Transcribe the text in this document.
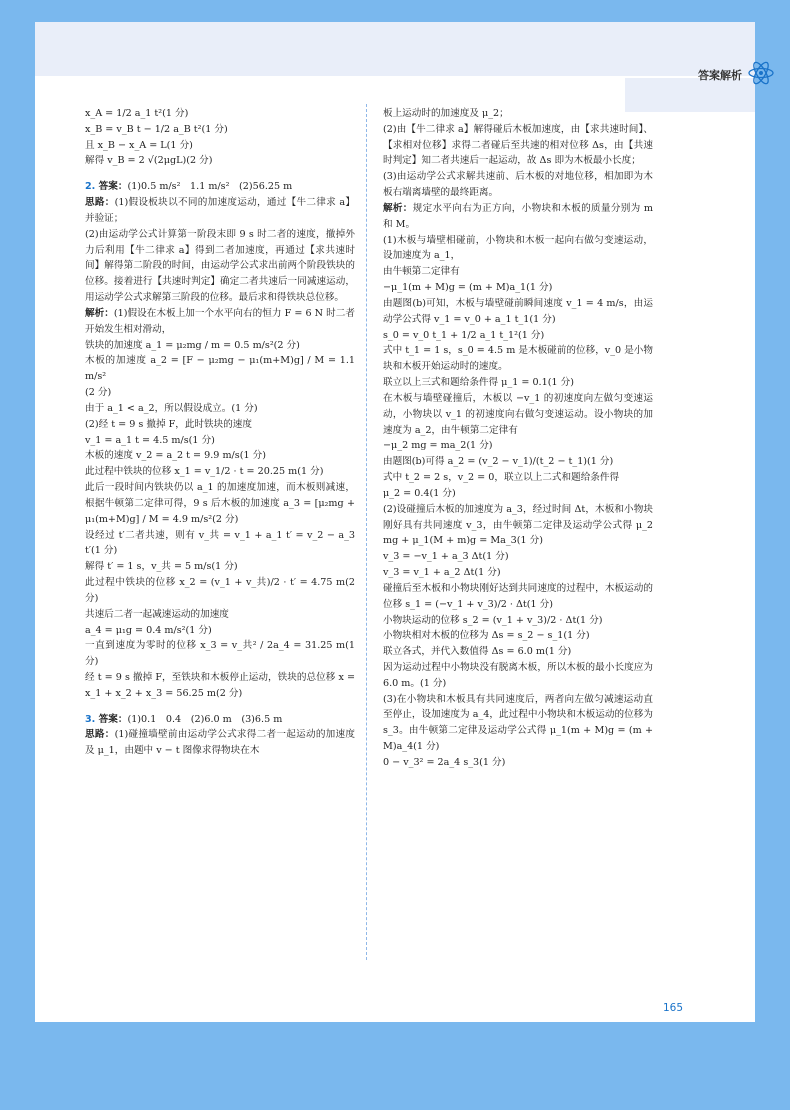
答案解析
x_A = 1/2 a_1 t²(1 分)
x_B = v_B t − 1/2 a_B t²(1 分)
且 x_B − x_A = L(1 分)
解得 v_B = 2 √(2μgL)(2 分)
2. 答案：(1)0.5 m/s²　1.1 m/s²　(2)56.25 m
思路：(1)假设板块以不同的加速度运动，通过【牛二律求 a】并验证；
(2)由运动学公式计算第一阶段末即 9 s 时二者的速度，撤掉外力后利用【牛二律求 a】得到二者加速度，再通过【求共速时间】解得第二阶段的时间，由运动学公式求出前两个阶段铁块的位移。接着进行【共速时判定】确定二者共速后一同减速运动，用运动学公式求解第三阶段的位移。最后求和得铁块总位移。
解析：(1)假设在木板上加一个水平向右的恒力 F = 6 N 时二者开始发生相对滑动，
铁块的加速度 a_1 = μ₂mg / m = 0.5 m/s²(2 分)
木板的加速度 a_2 = [F − μ₂mg − μ₁(m+M)g] / M = 1.1 m/s²
(2 分)
由于 a_1 < a_2，所以假设成立。(1 分)
(2)经 t = 9 s 撤掉 F，此时铁块的速度
v_1 = a_1 t = 4.5 m/s(1 分)
木板的速度 v_2 = a_2 t = 9.9 m/s(1 分)
此过程中铁块的位移 x_1 = v_1/2 · t = 20.25 m(1 分)
此后一段时间内铁块仍以 a_1 的加速度加速，而木板则减速，根据牛顿第二定律可得，9 s 后木板的加速度 a_3 = [μ₂mg + μ₁(m+M)g] / M = 4.9 m/s²(2 分)
设经过 t′二者共速，则有 v_共 = v_1 + a_1 t′ = v_2 − a_3 t′(1 分)
解得 t′ = 1 s，v_共 = 5 m/s(1 分)
此过程中铁块的位移 x_2 = (v_1 + v_共)/2 · t′ = 4.75 m(2 分)
共速后二者一起减速运动的加速度
a_4 = μ₁g = 0.4 m/s²(1 分)
一直到速度为零时的位移 x_3 = v_共² / 2a_4 = 31.25 m(1 分)
经 t = 9 s 撤掉 F，至铁块和木板停止运动，铁块的总位移 x = x_1 + x_2 + x_3 = 56.25 m(2 分)
3. 答案：(1)0.1　0.4　(2)6.0 m　(3)6.5 m
思路：(1)碰撞墙壁前由运动学公式求得二者一起运动的加速度及 μ_1，由题中 v − t 图像求得物块在木
板上运动时的加速度及 μ_2；
(2)由【牛二律求 a】解得碰后木板加速度，由【求共速时间】、【求相对位移】求得二者碰后至共速的相对位移 Δs，由【共速时判定】知二者共速后一起运动，故 Δs 即为木板最小长度；
(3)由运动学公式求解共速前、后木板的对地位移，相加即为木板右端离墙壁的最终距离。
解析：规定水平向右为正方向，小物块和木板的质量分别为 m 和 M。
(1)木板与墙壁相碰前，小物块和木板一起向右做匀变速运动，设加速度为 a_1，
由牛顿第二定律有
−μ_1(m + M)g = (m + M)a_1(1 分)
由题图(b)可知，木板与墙壁碰前瞬间速度 v_1 = 4 m/s，由运动学公式得 v_1 = v_0 + a_1 t_1(1 分)
s_0 = v_0 t_1 + 1/2 a_1 t_1²(1 分)
式中 t_1 = 1 s，s_0 = 4.5 m 是木板碰前的位移，v_0 是小物块和木板开始运动时的速度。
联立以上三式和题给条件得 μ_1 = 0.1(1 分)
在木板与墙壁碰撞后，木板以 −v_1 的初速度向左做匀变速运动，小物块以 v_1 的初速度向右做匀变速运动。设小物块的加速度为 a_2，由牛顿第二定律有
−μ_2 mg = ma_2(1 分)
由题图(b)可得 a_2 = (v_2 − v_1)/(t_2 − t_1)(1 分)
式中 t_2 = 2 s，v_2 = 0，联立以上二式和题给条件得
μ_2 = 0.4(1 分)
(2)设碰撞后木板的加速度为 a_3，经过时间 Δt，木板和小物块刚好具有共同速度 v_3，由牛顿第二定律及运动学公式得 μ_2 mg + μ_1(M + m)g = Ma_3(1 分)
v_3 = −v_1 + a_3 Δt(1 分)
v_3 = v_1 + a_2 Δt(1 分)
碰撞后至木板和小物块刚好达到共同速度的过程中，木板运动的位移 s_1 = (−v_1 + v_3)/2 · Δt(1 分)
小物块运动的位移 s_2 = (v_1 + v_3)/2 · Δt(1 分)
小物块相对木板的位移为 Δs = s_2 − s_1(1 分)
联立各式，并代入数值得 Δs = 6.0 m(1 分)
因为运动过程中小物块没有脱离木板，所以木板的最小长度应为 6.0 m。(1 分)
(3)在小物块和木板具有共同速度后，两者向左做匀减速运动直至停止，设加速度为 a_4，此过程中小物块和木板运动的位移为 s_3。由牛顿第二定律及运动学公式得 μ_1(m + M)g = (m + M)a_4(1 分)
0 − v_3² = 2a_4 s_3(1 分)
165
